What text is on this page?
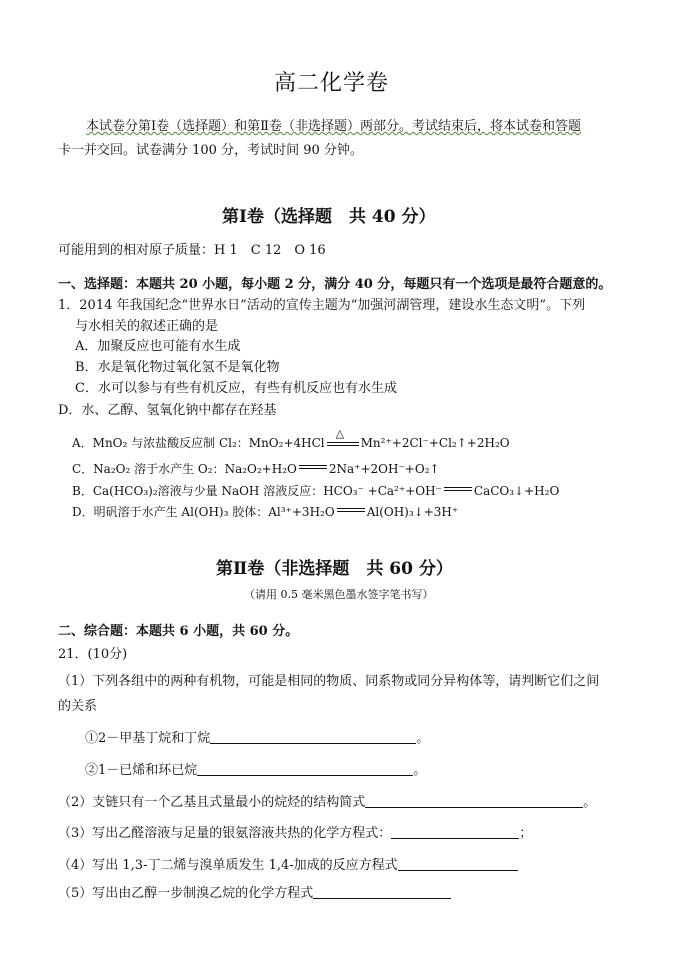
高二化学卷
本试卷分第Ⅰ卷（选择题）和第Ⅱ卷（非选择题）两部分。考试结束后，将本试卷和答题
卡一并交回。试卷满分 100 分，考试时间 90 分钟。
第Ⅰ卷（选择题　共 40 分）
可能用到的相对原子质量：H 1　C 12　O 16
一、选择题：本题共 20 小题，每小题 2 分，满分 40 分，每题只有一个选项是最符合题意的。
1．2014 年我国纪念“世界水日”活动的宣传主题为“加强河湖管理，建设水生态文明”。下列
与水相关的叙述正确的是
A．加聚反应也可能有水生成
B．水是氧化物过氧化氢不是氧化物
C．水可以参与有些有机反应，有些有机反应也有水生成
D．水、乙醇、氢氧化钠中都存在羟基
A．MnO₂ 与浓盐酸反应制 Cl₂：MnO₂+4HCl
△
Mn²⁺+2Cl⁻+Cl₂↑+2H₂O
C．Na₂O₂ 溶于水产生 O₂：Na₂O₂+H₂O	2Na⁺+2OH⁻+O₂↑
B．Ca(HCO₃)₂溶液与少量 NaOH 溶液反应：HCO₃⁻ +Ca²⁺+OH⁻	CaCO₃↓+H₂O
D．明矾溶于水产生 Al(OH)₃ 胶体：Al³⁺+3H₂O	Al(OH)₃↓+3H⁺
第Ⅱ卷（非选择题　共 60 分）
（请用 0.5 毫米黑色墨水签字笔书写）
二、综合题：本题共 6 小题，共 60 分。
21．(10分)
（1）下列各组中的两种有机物，可能是相同的物质、同系物或同分异构体等，请判断它们之间
的关系
①2－甲基丁烷和丁烷	。
②1－已烯和环已烷	。
（2）支链只有一个乙基且式量最小的烷烃的结构简式	。
（3）写出乙醛溶液与足量的银氨溶液共热的化学方程式：	；
（4）写出 1,3-丁二烯与溴单质发生 1,4-加成的反应方程式
（5）写出由乙醇一步制溴乙烷的化学方程式
